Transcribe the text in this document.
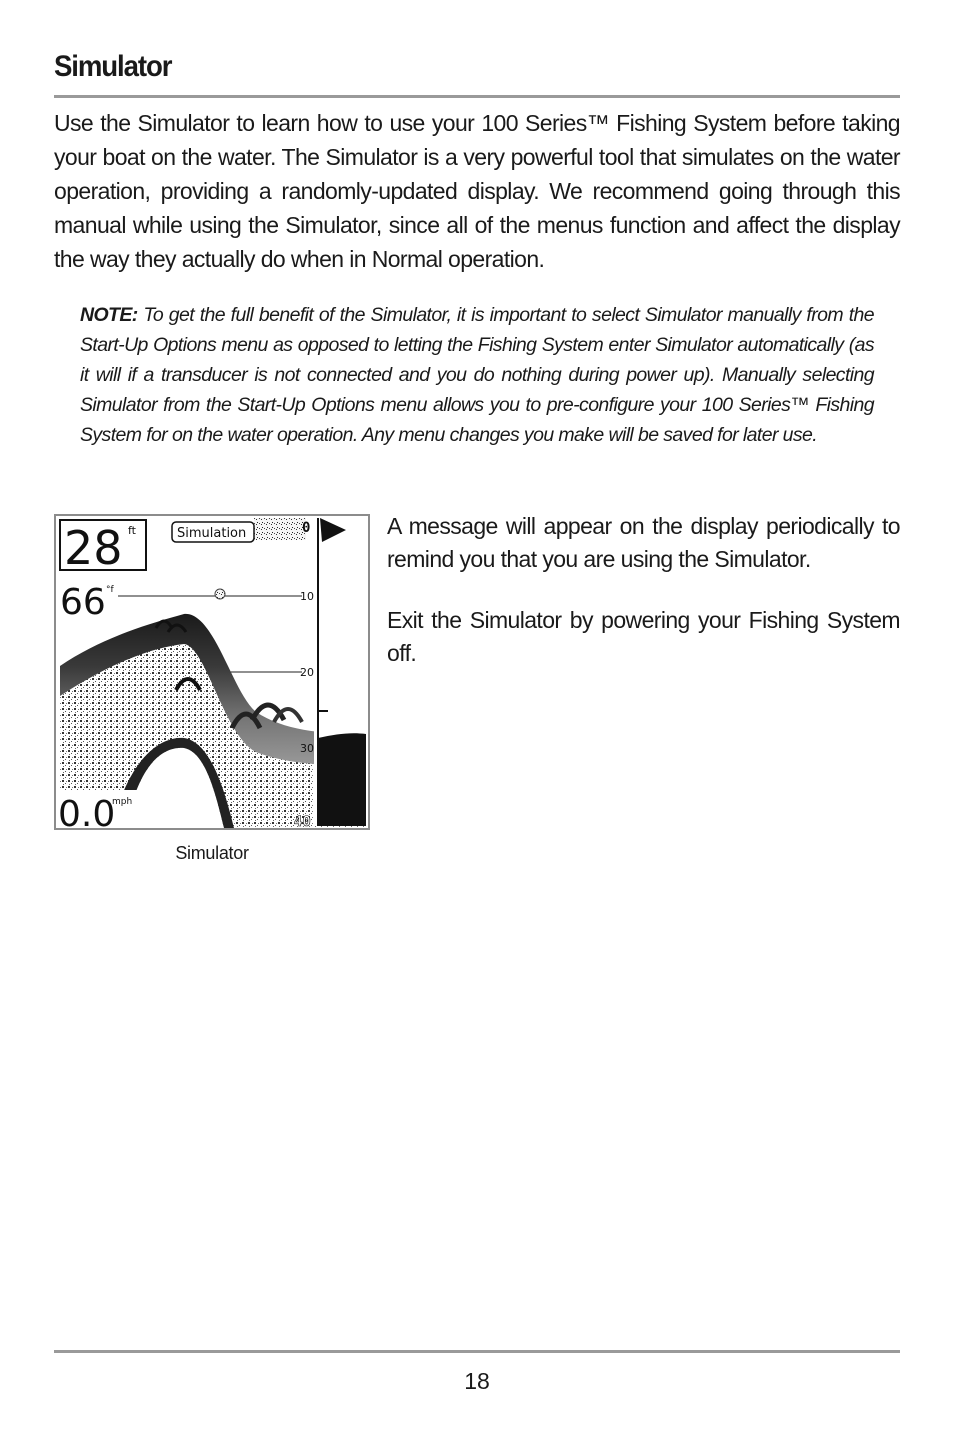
Simulator

Use the Simulator to learn how to use your 100 Series™ Fishing System before taking your boat on the water. The Simulator is a very powerful tool that simulates on the water operation, providing a randomly-updated display. We recommend going through this manual while using the Simulator, since all of the menus function and affect the display the way they actually do when in Normal operation.

NOTE: To get the full benefit of the Simulator, it is important to select Simulator manually from the Start-Up Options menu as opposed to letting the Fishing System enter Simulator automatically (as it will if a transducer is not connected and you do nothing during power up). Manually selecting Simulator from the Start-Up Options menu allows you to pre-configure your 100 Series™ Fishing System for on the water operation. Any menu changes you make will be saved for later use.

0
10
20
30
40
28 ft	Simulation
66 °f
0.0
mph
Simulator

A message will appear on the display periodically to remind you that you are using the Simulator.

Exit the Simulator by powering your Fishing System off.

18
